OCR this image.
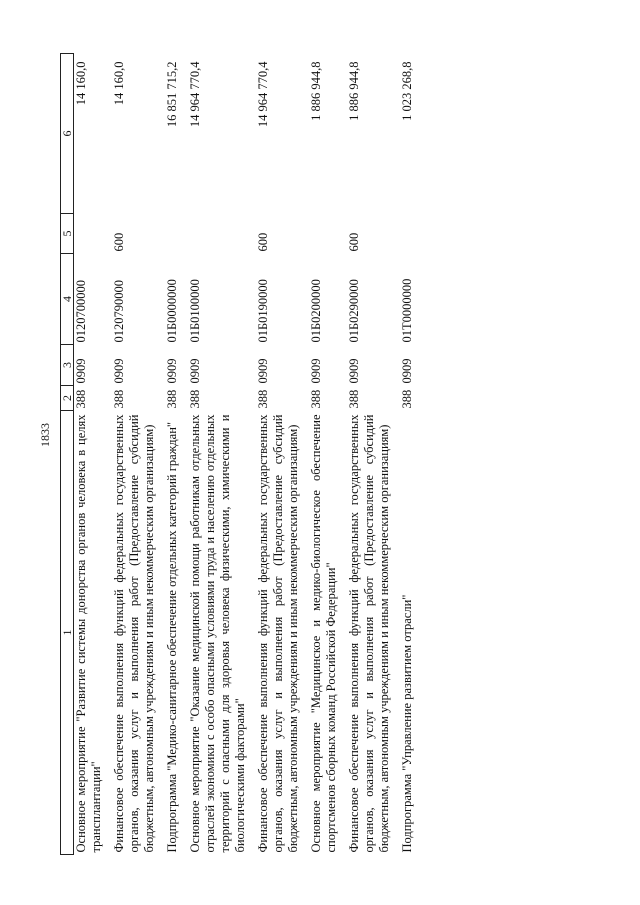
1833
1	2	3	4	5	6
Основное мероприятие "Развитие системы донорства органов человека в целях трансплантации"	388	0909	0120700000		14 160,0
Финансовое обеспечение выполнения функций федеральных государственных органов, оказания услуг и выполнения работ (Предоставление субсидий бюджетным, автономным учреждениям и иным некоммерческим организациям)	388	0909	0120790000	600	14 160,0
Подпрограмма "Медико-санитарное обеспечение отдельных категорий граждан"	388	0909	01Б0000000		16 851 715,2
Основное мероприятие "Оказание медицинской помощи работникам отдельных отраслей экономики с особо опасными условиями труда и населению отдельных территорий с опасными для здоровья человека физическими, химическими и биологическими факторами"	388	0909	01Б0100000		14 964 770,4
Финансовое обеспечение выполнения функций федеральных государственных органов, оказания услуг и выполнения работ (Предоставление субсидий бюджетным, автономным учреждениям и иным некоммерческим организациям)	388	0909	01Б0190000	600	14 964 770,4
Основное мероприятие "Медицинское и медико-биологическое обеспечение спортсменов сборных команд Российской Федерации"	388	0909	01Б0200000		1 886 944,8
Финансовое обеспечение выполнения функций федеральных государственных органов, оказания услуг и выполнения работ (Предоставление субсидий бюджетным, автономным учреждениям и иным некоммерческим организациям)	388	0909	01Б0290000	600	1 886 944,8
Подпрограмма "Управление развитием отрасли"	388	0909	01Т0000000		1 023 268,8
